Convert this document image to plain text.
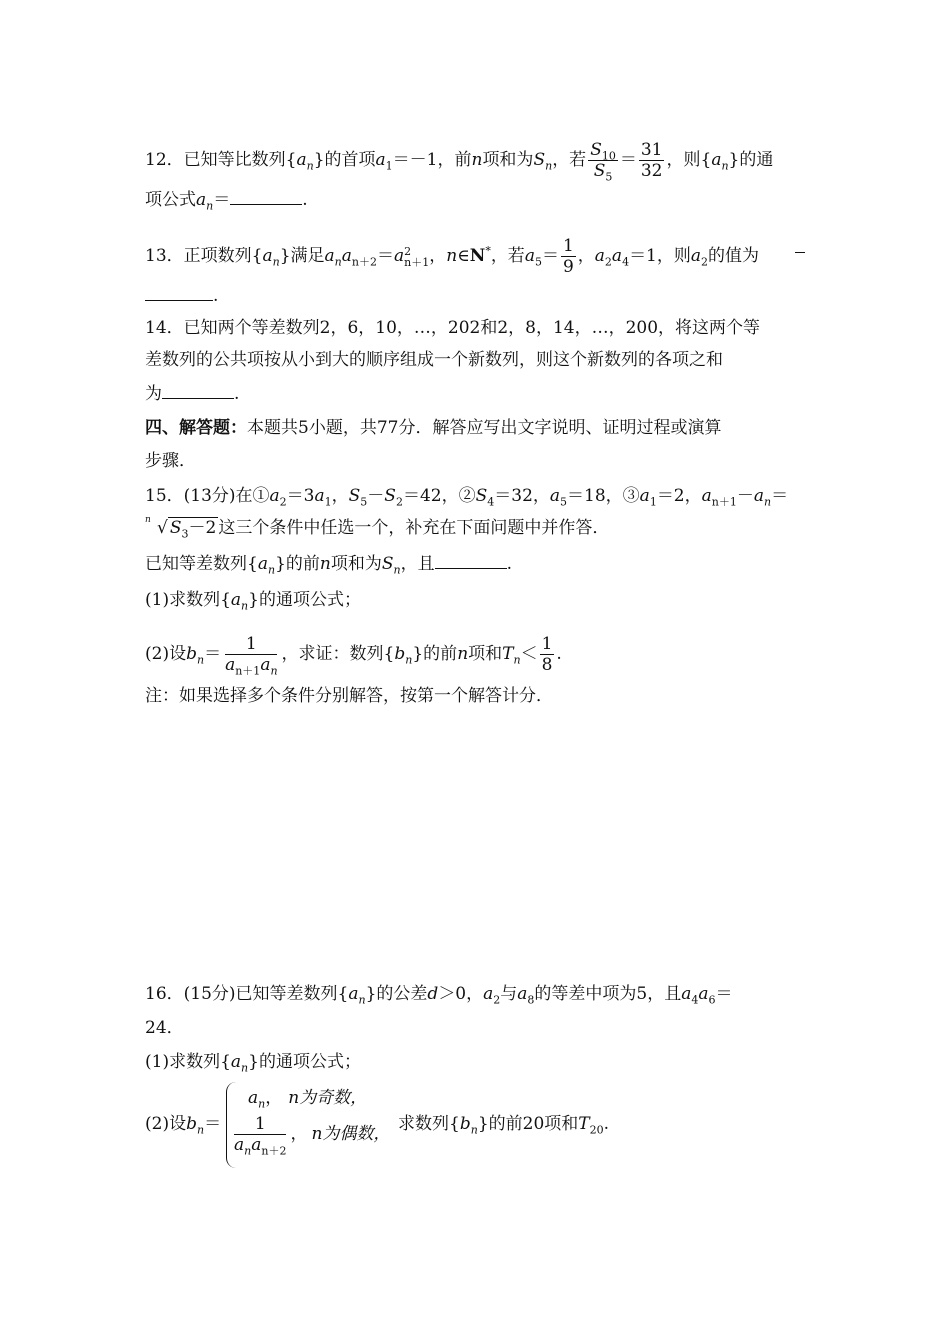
12．已知等比数列$\{a_n\}$的首项$a_1=-1$，前n项和为$S_n$，若 $\frac{S_{10}}{S_5} = \frac{31}{32}$ ，则$\{a_n\}$的通
项公式$a_n=$	.
13．正项数列$\{a_n\}$满足$a_na_{n+2}=a$ 2
n＋1 ，n∈N*，若$a_5= \frac{1}{9}$ ，$a_2a_4=1$，则$a_2$的值为
.
14．已知两个等差数列2，6，10，…，202和2，8，14，…，200，将这两个等
差数列的公共项按从小到大的顺序组成一个新数列，则这个新数列的各项之和
为	.
四、解答题：本题共5小题，共77分．解答应写出文字说明、证明过程或演算
步骤．
15．(13分)在$①a_2=3a_1$，$S_5-S_2=42$，$②S_4=32$，$a_5=18$，$③a_1=2$，$a_{n+1}-a_n=$
n √ $S_3-2$ 这三个条件中任选一个，补充在下面问题中并作答．
已知等差数列$\{a_n\}$的前n项和为$S_n$，且	.
(1)求数列$\{a_n\}$的通项公式；
(2)设$b_n= \frac{1}{a_{n+1}a_n}$ ，求证：数列$\{b_n\}$的前n项和$T_n< \frac{1}{8}$ .
注：如果选择多个条件分别解答，按第一个解答计分．
16．(15分)已知等差数列$\{a_n\}$的公差d＞0，$a_2$与$a_8$的等差中项为5，且$a_4a_6=$
24．
(1)求数列$\{a_n\}$的通项公式；
(2)设$b_n=$
$a_n$， n为奇数，
$\frac{1}{a_na_{n+2}}$ ， n为偶数， 求数列$\{b_n\}$的前20项和$T_{20}$.
